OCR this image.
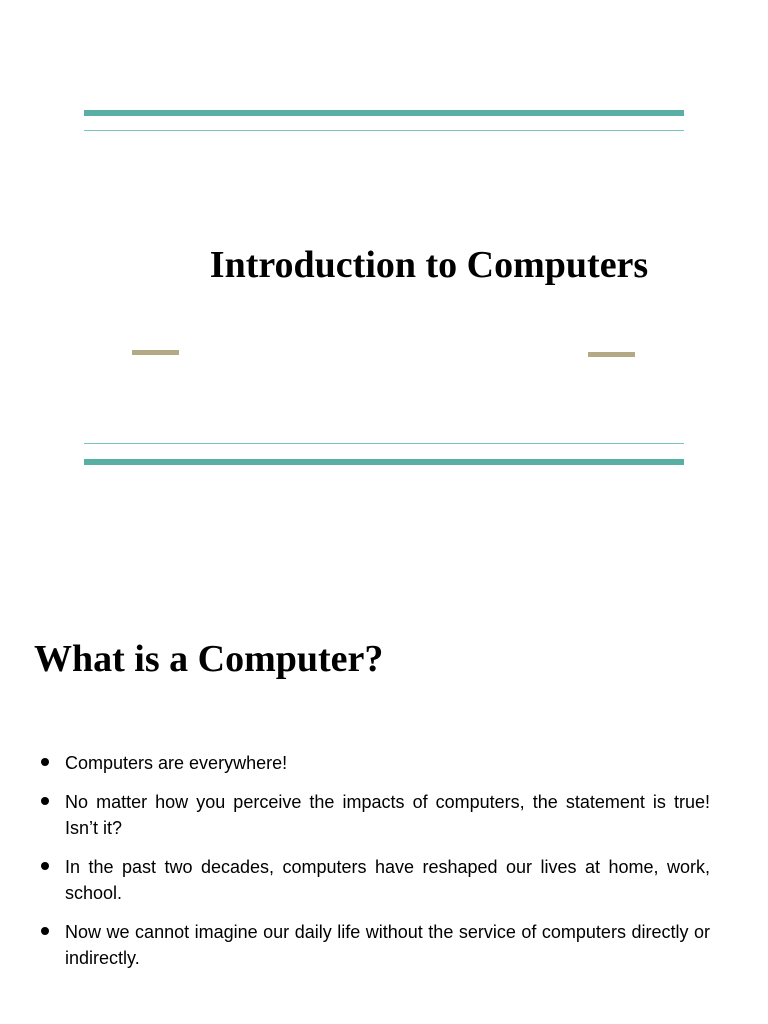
Introduction to Computers
What is a Computer?
Computers are everywhere!
No matter how you perceive the impacts of computers, the statement is true! Isn’t it?
In the past two decades, computers have reshaped our lives at home, work, school.
Now we cannot imagine our daily life without the service of computers directly or indirectly.
